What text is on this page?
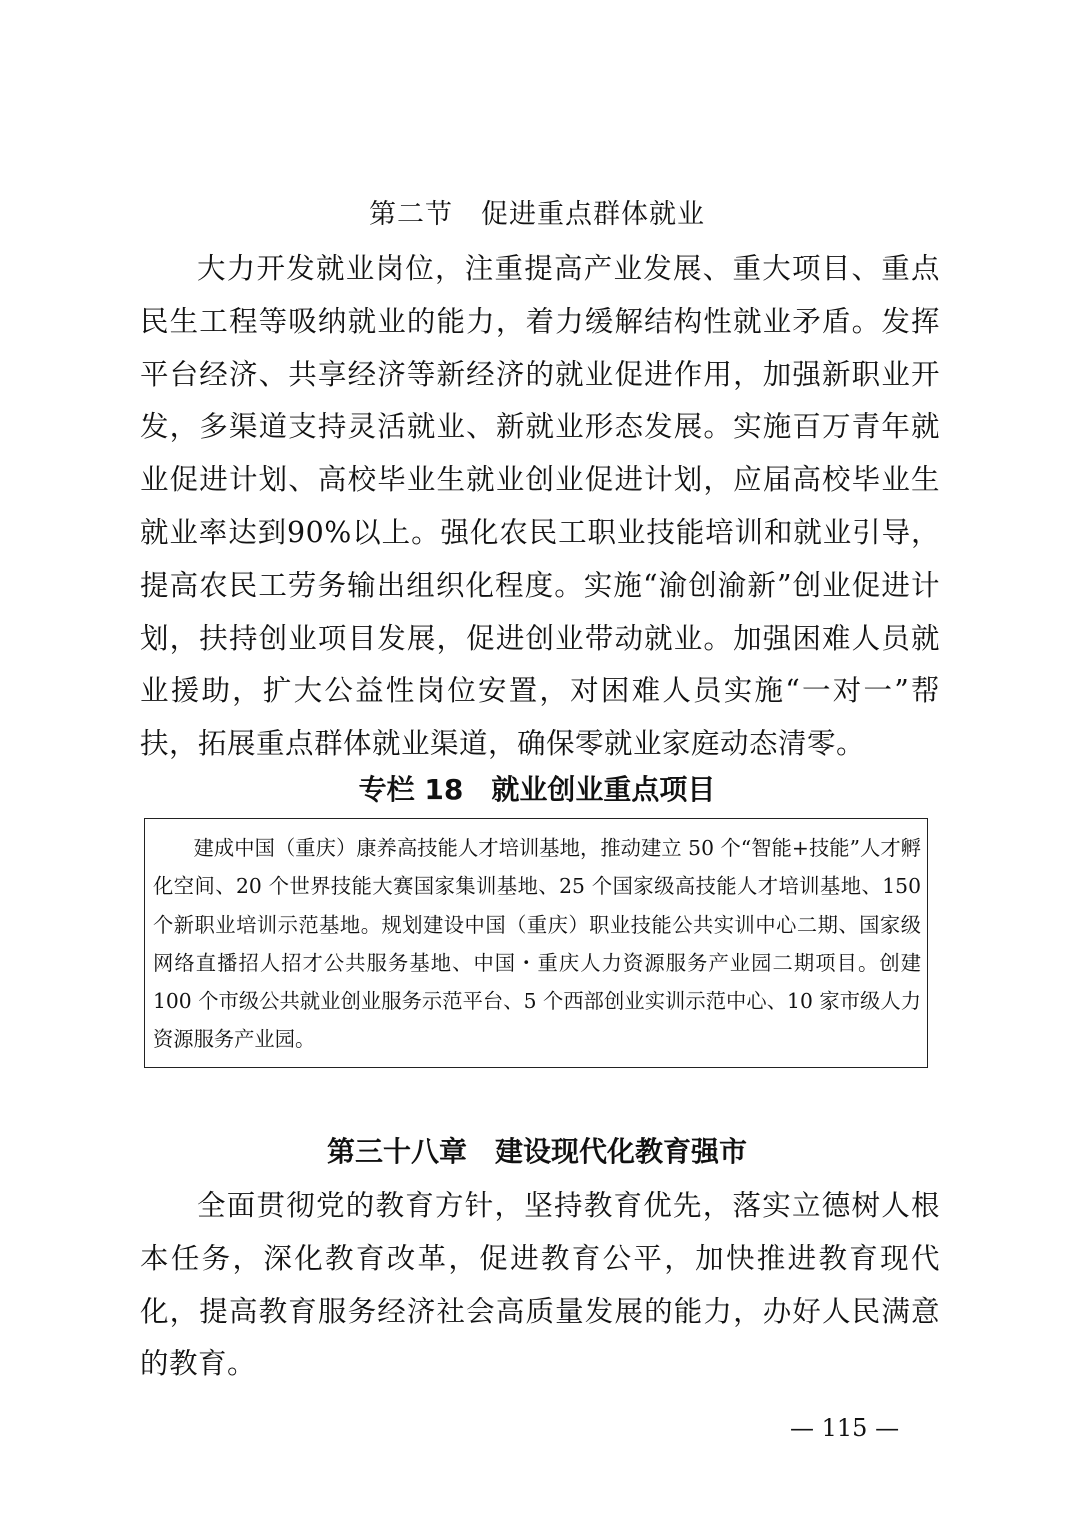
第二节　促进重点群体就业

大力开发就业岗位，注重提高产业发展、重大项目、重点民生工程等吸纳就业的能力，着力缓解结构性就业矛盾。发挥平台经济、共享经济等新经济的就业促进作用，加强新职业开发，多渠道支持灵活就业、新就业形态发展。实施百万青年就业促进计划、高校毕业生就业创业促进计划，应届高校毕业生就业率达到90%以上。强化农民工职业技能培训和就业引导，提高农民工劳务输出组织化程度。实施“渝创渝新”创业促进计划，扶持创业项目发展，促进创业带动就业。加强困难人员就业援助，扩大公益性岗位安置，对困难人员实施“一对一”帮扶，拓展重点群体就业渠道，确保零就业家庭动态清零。

专栏 18　就业创业重点项目

建成中国（重庆）康养高技能人才培训基地，推动建立 50 个“智能+技能”人才孵化空间、20 个世界技能大赛国家集训基地、25 个国家级高技能人才培训基地、150 个新职业培训示范基地。规划建设中国（重庆）职业技能公共实训中心二期、国家级网络直播招人招才公共服务基地、中国・重庆人力资源服务产业园二期项目。创建 100 个市级公共就业创业服务示范平台、5 个西部创业实训示范中心、10 家市级人力资源服务产业园。

第三十八章　建设现代化教育强市

全面贯彻党的教育方针，坚持教育优先，落实立德树人根本任务，深化教育改革，促进教育公平，加快推进教育现代化，提高教育服务经济社会高质量发展的能力，办好人民满意的教育。

— 115 —
